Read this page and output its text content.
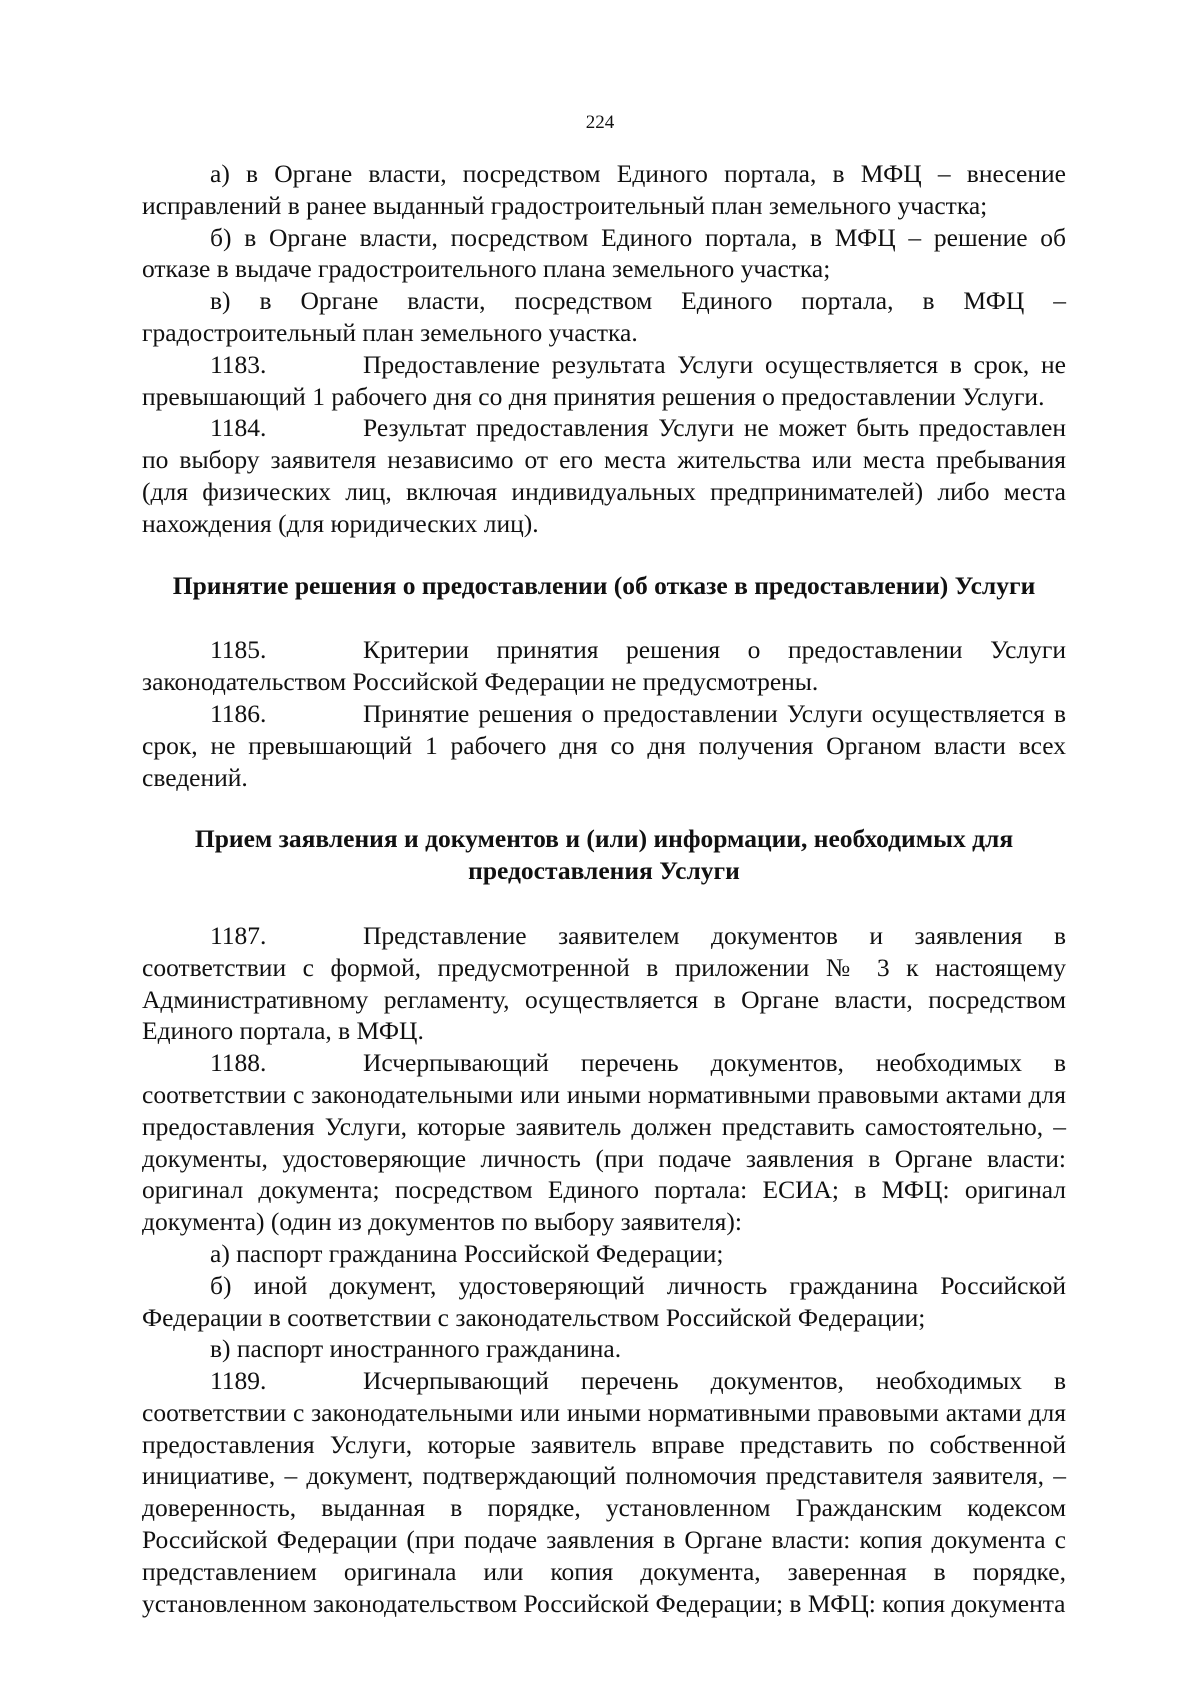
224

а) в Органе власти, посредством Единого портала, в МФЦ – внесение исправлений в ранее выданный градостроительный план земельного участка;

б) в Органе власти, посредством Единого портала, в МФЦ – решение об отказе в выдаче градостроительного плана земельного участка;

в) в Органе власти, посредством Единого портала, в МФЦ – градостроительный план земельного участка.

1183.	Предоставление результата Услуги осуществляется в срок, не превышающий 1 рабочего дня со дня принятия решения о предоставлении Услуги.

1184.	Результат предоставления Услуги не может быть предоставлен по выбору заявителя независимо от его места жительства или места пребывания (для физических лиц, включая индивидуальных предпринимателей) либо места нахождения (для юридических лиц).

Принятие решения о предоставлении (об отказе в предоставлении) Услуги

1185.	Критерии принятия решения о предоставлении Услуги законодательством Российской Федерации не предусмотрены.

1186.	Принятие решения о предоставлении Услуги осуществляется в срок, не превышающий 1 рабочего дня со дня получения Органом власти всех сведений.

Прием заявления и документов и (или) информации, необходимых для предоставления Услуги

1187.	Представление заявителем документов и заявления в соответствии с формой, предусмотренной в приложении № 3 к настоящему Административному регламенту, осуществляется в Органе власти, посредством Единого портала, в МФЦ.

1188.	Исчерпывающий перечень документов, необходимых в соответствии с законодательными или иными нормативными правовыми актами для предоставления Услуги, которые заявитель должен представить самостоятельно, – документы, удостоверяющие личность (при подаче заявления в Органе власти: оригинал документа; посредством Единого портала: ЕСИА; в МФЦ: оригинал документа) (один из документов по выбору заявителя):

а) паспорт гражданина Российской Федерации;

б) иной документ, удостоверяющий личность гражданина Российской Федерации в соответствии с законодательством Российской Федерации;

в) паспорт иностранного гражданина.

1189.	Исчерпывающий перечень документов, необходимых в соответствии с законодательными или иными нормативными правовыми актами для предоставления Услуги, которые заявитель вправе представить по собственной инициативе, – документ, подтверждающий полномочия представителя заявителя, – доверенность, выданная в порядке, установленном Гражданским кодексом Российской Федерации (при подаче заявления в Органе власти: копия документа с представлением оригинала или копия документа, заверенная в порядке, установленном законодательством Российской Федерации; в МФЦ: копия документа
